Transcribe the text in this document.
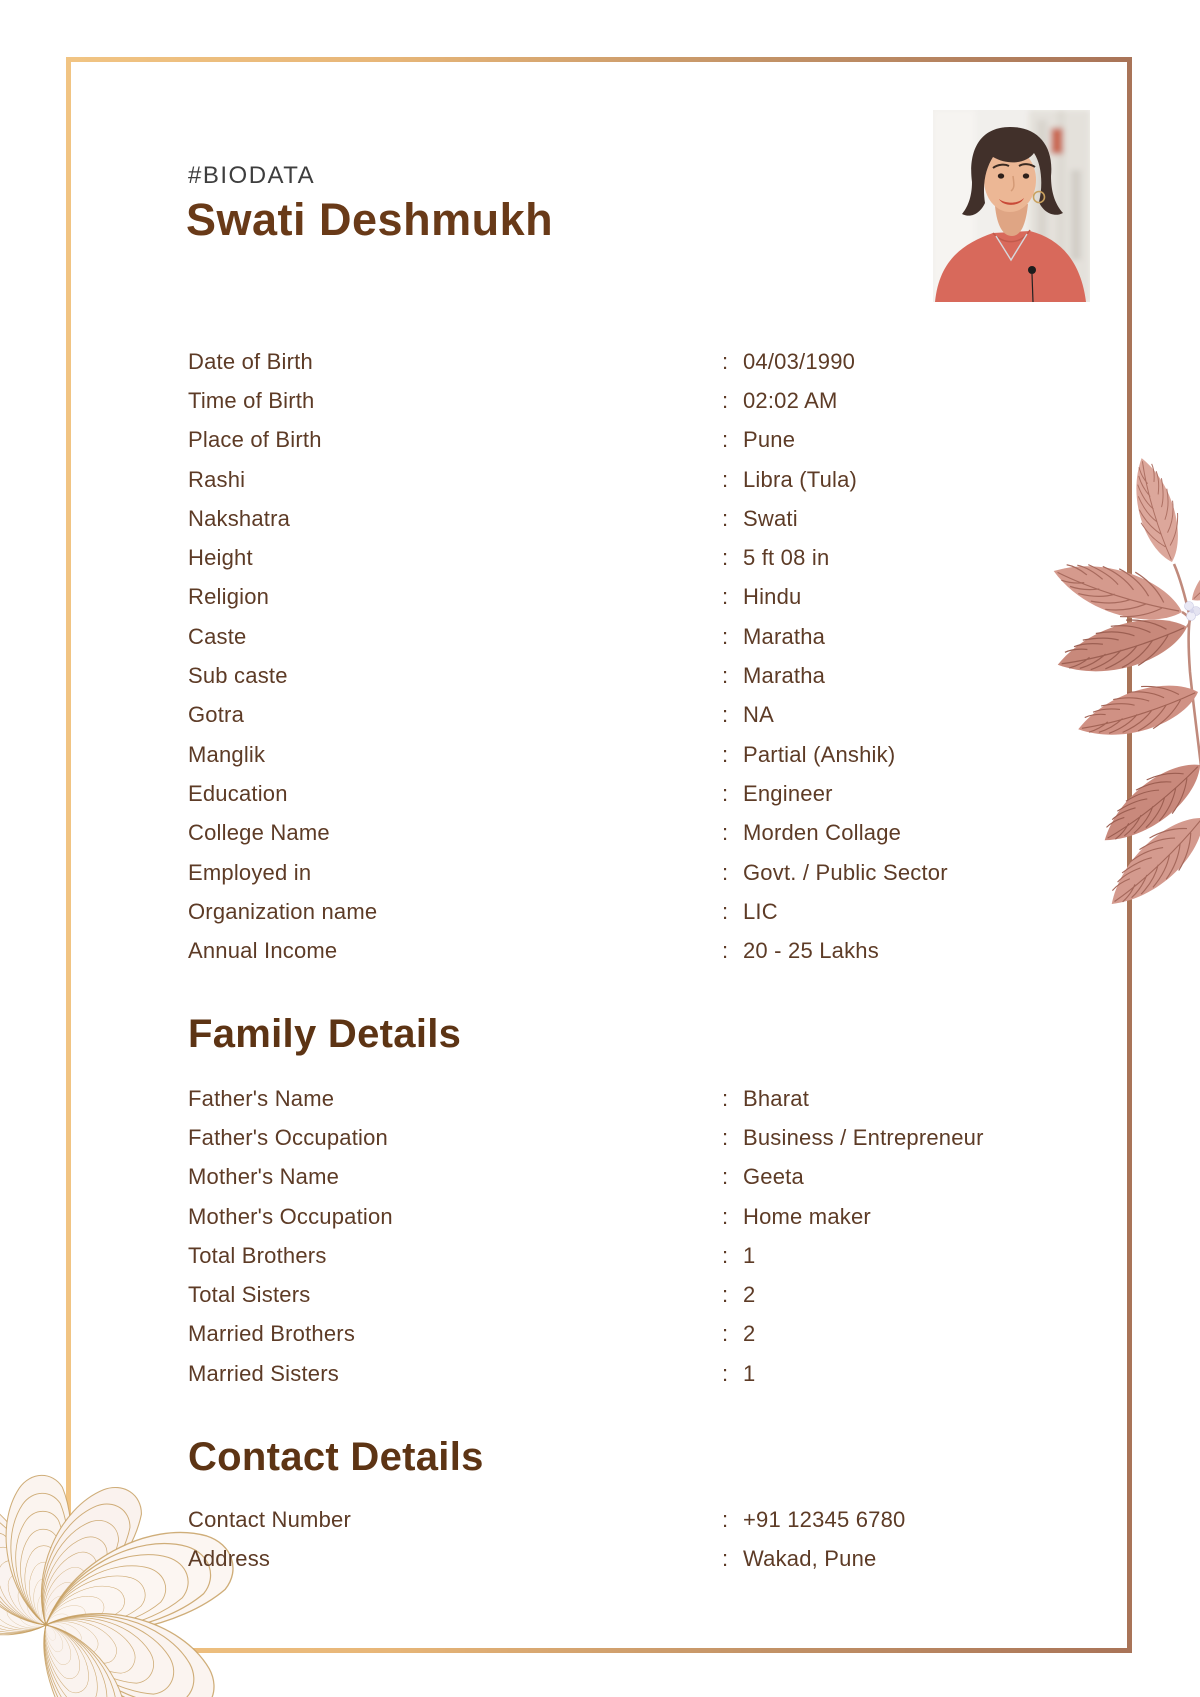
#BIODATA
Swati Deshmukh
Date of Birth	: 04/03/1990
Time of Birth	: 02:02 AM
Place of Birth	: Pune
Rashi	: Libra (Tula)
Nakshatra	: Swati
Height	: 5 ft 08 in
Religion	: Hindu
Caste	: Maratha
Sub caste	: Maratha
Gotra	: NA
Manglik	: Partial (Anshik)
Education	: Engineer
College Name	: Morden Collage
Employed in	: Govt. / Public Sector
Organization name	: LIC
Annual Income	: 20 - 25 Lakhs
Family Details
Father's Name	: Bharat
Father's Occupation	: Business / Entrepreneur
Mother's Name	: Geeta
Mother's Occupation	: Home maker
Total Brothers	: 1
Total Sisters	: 2
Married Brothers	: 2
Married Sisters	: 1
Contact Details
Contact Number	: +91 12345 6780
Address	: Wakad, Pune
